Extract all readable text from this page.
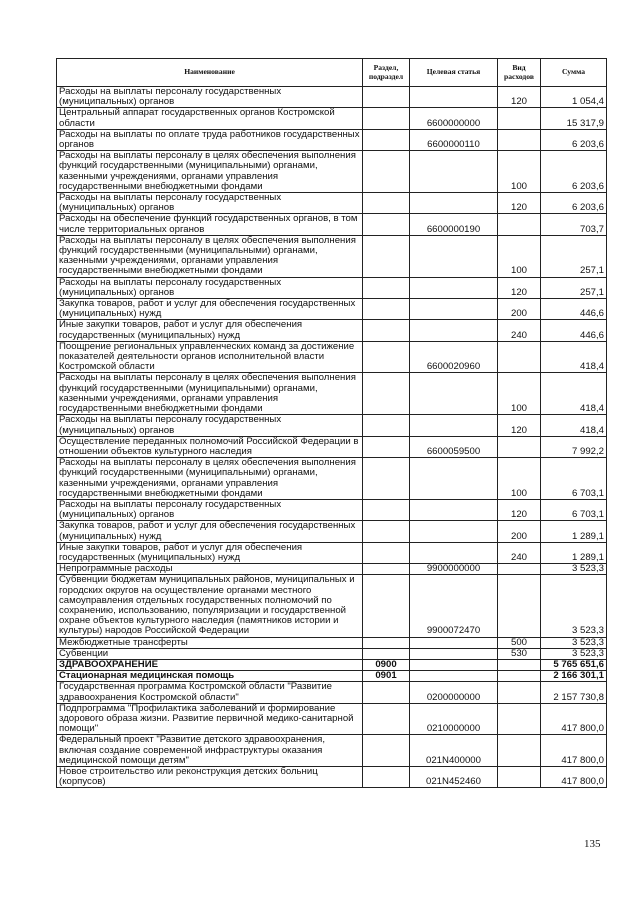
Наименование	Раздел, подраздел	Целевая статья	Вид расходов	Сумма
Расходы на выплаты персоналу государственных (муниципальных) органов			120	1 054,4
Центральный аппарат государственных органов Костромской области		6600000000		15 317,9
Расходы на выплаты по оплате труда работников государственных органов		6600000110		6 203,6
Расходы на выплаты персоналу в целях обеспечения выполнения функций государственными (муниципальными) органами, казенными учреждениями, органами управления государственными внебюджетными фондами			100	6 203,6
Расходы на выплаты персоналу государственных (муниципальных) органов			120	6 203,6
Расходы на обеспечение функций государственных органов, в том числе территориальных органов		6600000190		703,7
Расходы на выплаты персоналу в целях обеспечения выполнения функций государственными (муниципальными) органами, казенными учреждениями, органами управления государственными внебюджетными фондами			100	257,1
Расходы на выплаты персоналу государственных (муниципальных) органов			120	257,1
Закупка товаров, работ и услуг для обеспечения государственных (муниципальных) нужд			200	446,6
Иные закупки товаров, работ и услуг для обеспечения государственных (муниципальных) нужд			240	446,6
Поощрение региональных управленческих команд за достижение показателей деятельности органов исполнительной власти Костромской области		6600020960		418,4
Расходы на выплаты персоналу в целях обеспечения выполнения функций государственными (муниципальными) органами, казенными учреждениями, органами управления государственными внебюджетными фондами			100	418,4
Расходы на выплаты персоналу государственных (муниципальных) органов			120	418,4
Осуществление переданных полномочий Российской Федерации в отношении объектов культурного наследия		6600059500		7 992,2
Расходы на выплаты персоналу в целях обеспечения выполнения функций государственными (муниципальными) органами, казенными учреждениями, органами управления государственными внебюджетными фондами			100	6 703,1
Расходы на выплаты персоналу государственных (муниципальных) органов			120	6 703,1
Закупка товаров, работ и услуг для обеспечения государственных (муниципальных) нужд			200	1 289,1
Иные закупки товаров, работ и услуг для обеспечения государственных (муниципальных) нужд			240	1 289,1
Непрограммные расходы		9900000000		3 523,3
Субвенции бюджетам муниципальных районов, муниципальных и городских округов на осуществление органами местного самоуправления отдельных государственных полномочий по сохранению, использованию, популяризации и государственной охране объектов культурного наследия (памятников истории и культуры) народов Российской Федерации		9900072470		3 523,3
Межбюджетные трансферты			500	3 523,3
Субвенции			530	3 523,3
ЗДРАВООХРАНЕНИЕ	0900			5 765 651,6
Стационарная медицинская помощь	0901			2 166 301,1
Государственная программа Костромской области "Развитие здравоохранения Костромской области"		0200000000		2 157 730,8
Подпрограмма "Профилактика заболеваний и формирование здорового образа жизни. Развитие первичной медико-санитарной помощи"		0210000000		417 800,0
Федеральный проект "Развитие детского здравоохранения, включая создание современной инфраструктуры оказания медицинской помощи детям"		021N400000		417 800,0
Новое строительство или реконструкция детских больниц (корпусов)		021N452460		417 800,0
135
